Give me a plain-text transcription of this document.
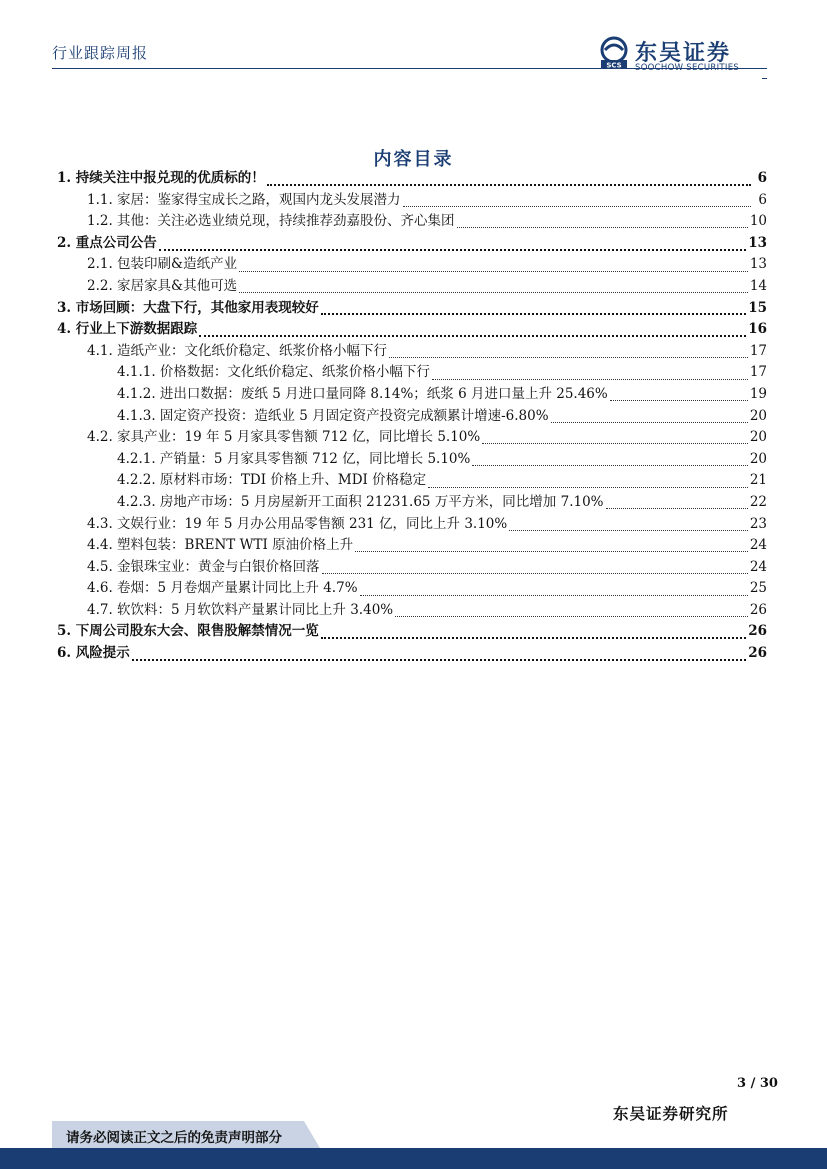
行业跟踪周报
SCS 东吴证券
SOOCHOW SECURITIES
内容目录
1. 持续关注中报兑现的优质标的！	6
1.1. 家居：鉴家得宝成长之路，观国内龙头发展潜力	6
1.2. 其他：关注必选业绩兑现，持续推荐劲嘉股份、齐心集团	10
2. 重点公司公告	13
2.1. 包装印刷&造纸产业	13
2.2. 家居家具&其他可选	14
3. 市场回顾：大盘下行，其他家用表现较好	15
4. 行业上下游数据跟踪	16
4.1. 造纸产业：文化纸价稳定、纸浆价格小幅下行	17
4.1.1. 价格数据：文化纸价稳定、纸浆价格小幅下行	17
4.1.2. 进出口数据：废纸 5 月进口量同降 8.14%；纸浆 6 月进口量上升 25.46%	19
4.1.3. 固定资产投资：造纸业 5 月固定资产投资完成额累计增速-6.80%	20
4.2. 家具产业：19 年 5 月家具零售额 712 亿，同比增长 5.10%	20
4.2.1. 产销量：5 月家具零售额 712 亿，同比增长 5.10%	20
4.2.2. 原材料市场：TDI 价格上升、MDI 价格稳定	21
4.2.3. 房地产市场：5 月房屋新开工面积 21231.65 万平方米，同比增加 7.10%	22
4.3. 文娱行业：19 年 5 月办公用品零售额 231 亿，同比上升 3.10%	23
4.4. 塑料包装：BRENT WTI 原油价格上升	24
4.5. 金银珠宝业：黄金与白银价格回落	24
4.6. 卷烟：5 月卷烟产量累计同比上升 4.7%	25
4.7. 软饮料：5 月软饮料产量累计同比上升 3.40%	26
5. 下周公司股东大会、限售股解禁情况一览	26
6. 风险提示	26
3 / 30
东吴证券研究所
请务必阅读正文之后的免责声明部分
